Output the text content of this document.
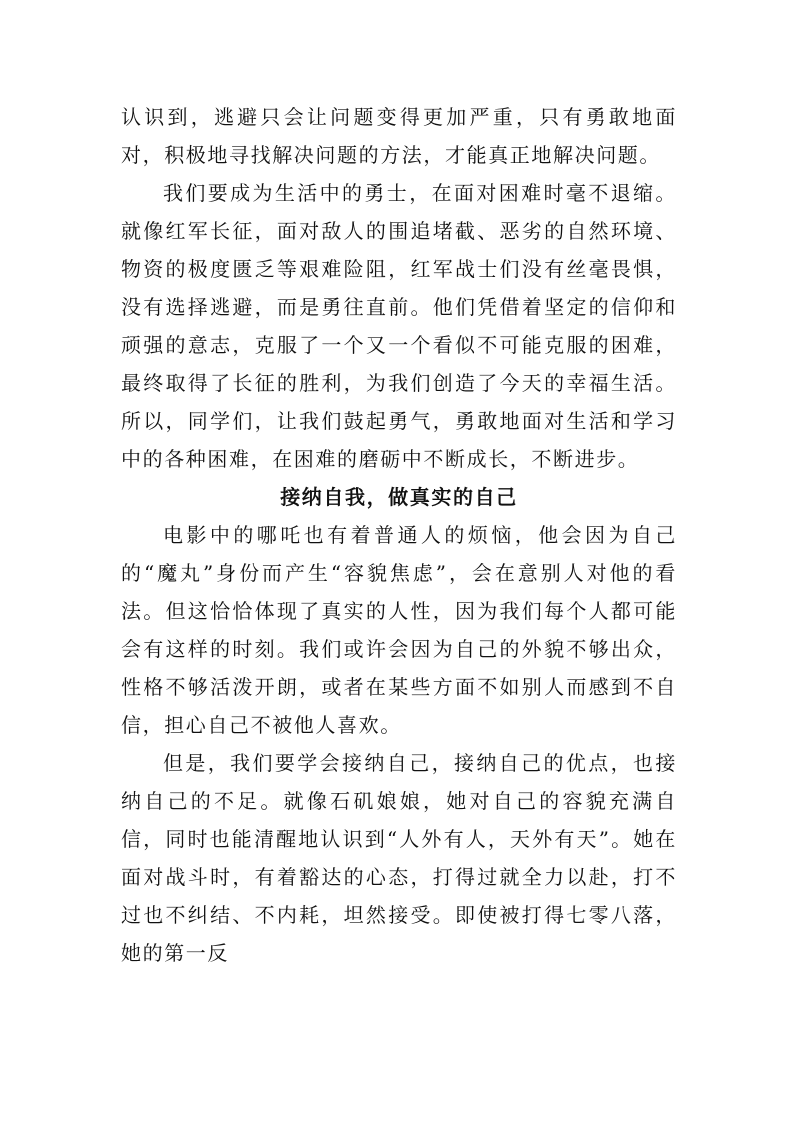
认识到，逃避只会让问题变得更加严重，只有勇敢地面对，积极地寻找解决问题的方法，才能真正地解决问题。

我们要成为生活中的勇士，在面对困难时毫不退缩。就像红军长征，面对敌人的围追堵截、恶劣的自然环境、物资的极度匮乏等艰难险阻，红军战士们没有丝毫畏惧，没有选择逃避，而是勇往直前。他们凭借着坚定的信仰和顽强的意志，克服了一个又一个看似不可能克服的困难，最终取得了长征的胜利，为我们创造了今天的幸福生活。所以，同学们，让我们鼓起勇气，勇敢地面对生活和学习中的各种困难，在困难的磨砺中不断成长，不断进步。

接纳自我，做真实的自己

电影中的哪吒也有着普通人的烦恼，他会因为自己的“魔丸”身份而产生“容貌焦虑”，会在意别人对他的看法。但这恰恰体现了真实的人性，因为我们每个人都可能会有这样的时刻。我们或许会因为自己的外貌不够出众，性格不够活泼开朗，或者在某些方面不如别人而感到不自信，担心自己不被他人喜欢。

但是，我们要学会接纳自己，接纳自己的优点，也接纳自己的不足。就像石矶娘娘，她对自己的容貌充满自信，同时也能清醒地认识到“人外有人，天外有天”。她在面对战斗时，有着豁达的心态，打得过就全力以赴，打不过也不纠结、不内耗，坦然接受。即使被打得七零八落，她的第一反
